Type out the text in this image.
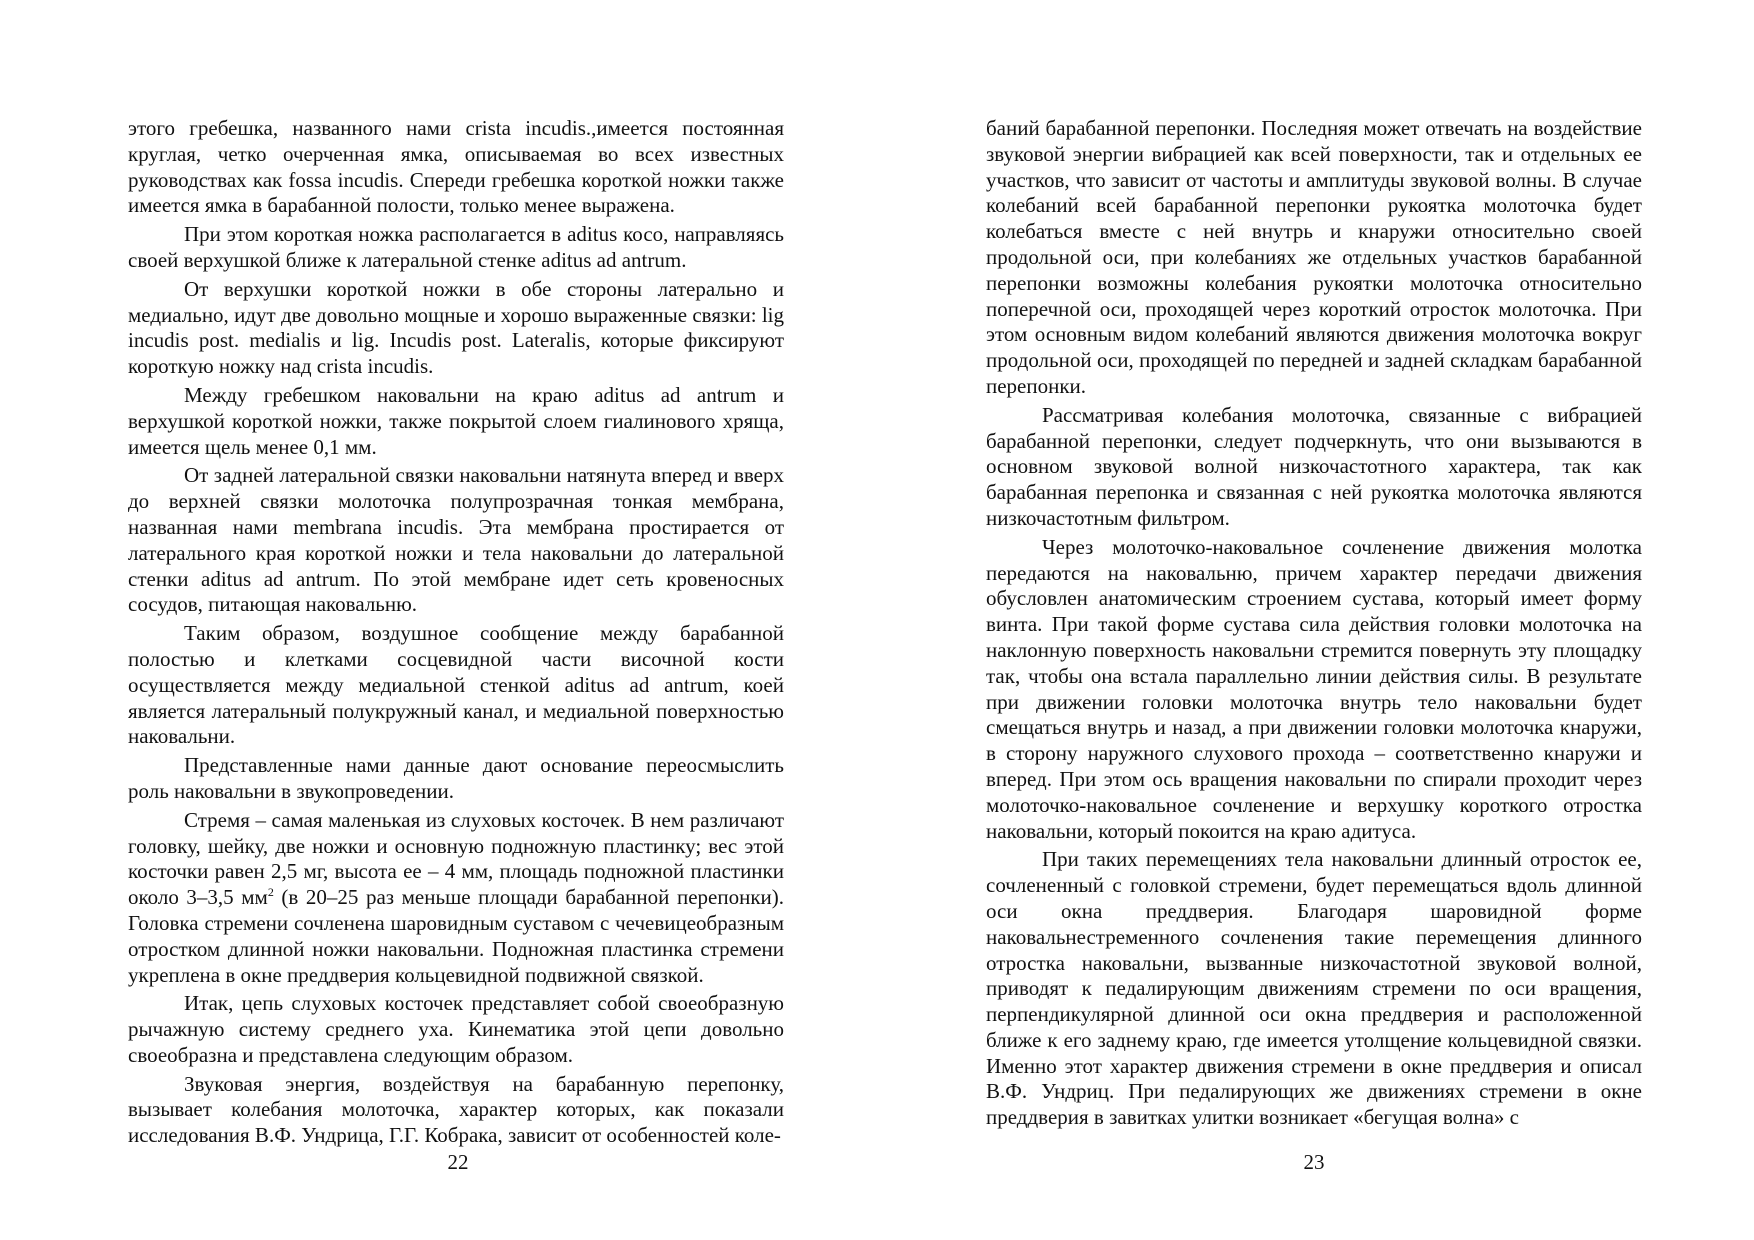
этого гребешка, названного нами crista incudis.,имеется постоянная круглая, четко очерченная ямка, описываемая во всех известных руководствах как fossa incudis. Спереди гребешка короткой ножки также имеется ямка в барабанной полости, только менее выражена.

При этом короткая ножка располагается в aditus косо, направляясь своей верхушкой ближе к латеральной стенке aditus ad antrum.

От верхушки короткой ножки в обе стороны латерально и медиально, идут две довольно мощные и хорошо выраженные связки: lig incudis post. medialis и lig. Incudis post. Lateralis, которые фиксируют короткую ножку над crista incudis.

Между гребешком наковальни на краю aditus ad antrum и верхушкой короткой ножки, также покрытой слоем гиалинового хряща, имеется щель менее 0,1 мм.

От задней латеральной связки наковальни натянута вперед и вверх до верхней связки молоточка полупрозрачная тонкая мембрана, названная нами membrana incudis. Эта мембрана простирается от латерального края короткой ножки и тела наковальни до латеральной стенки aditus ad antrum. По этой мембране идет сеть кровеносных сосудов, питающая наковальню.

Таким образом, воздушное сообщение между барабанной полостью и клетками сосцевидной части височной кости осуществляется между медиальной стенкой aditus ad antrum, коей является латеральный полукружный канал, и медиальной поверхностью наковальни.

Представленные нами данные дают основание переосмыслить роль наковальни в звукопроведении.

Стремя – самая маленькая из слуховых косточек. В нем различают головку, шейку, две ножки и основную подножную пластинку; вес этой косточки равен 2,5 мг, высота ее – 4 мм, площадь подножной пластинки около 3–3,5 $мм^2$ (в 20–25 раз меньше площади барабанной перепонки). Головка стремени сочленена шаровидным суставом с чечевицеобразным отростком длинной ножки наковальни. Подножная пластинка стремени укреплена в окне преддверия кольцевидной подвижной связкой.

Итак, цепь слуховых косточек представляет собой своеобразную рычажную систему среднего уха. Кинематика этой цепи довольно своеобразна и представлена следующим образом.

Звуковая энергия, воздействуя на барабанную перепонку, вызывает колебания молоточка, характер которых, как показали исследования В.Ф. Ундрица, Г.Г. Кобрака, зависит от особенностей коле-

22

баний барабанной перепонки. Последняя может отвечать на воздействие звуковой энергии вибрацией как всей поверхности, так и отдельных ее участков, что зависит от частоты и амплитуды звуковой волны. В случае колебаний всей барабанной перепонки рукоятка молоточка будет колебаться вместе с ней внутрь и кнаружи относительно своей продольной оси, при колебаниях же отдельных участков барабанной перепонки возможны колебания рукоятки молоточка относительно поперечной оси, проходящей через короткий отросток молоточка. При этом основным видом колебаний являются движения молоточка вокруг продольной оси, проходящей по передней и задней складкам барабанной перепонки.

Рассматривая колебания молоточка, связанные с вибрацией барабанной перепонки, следует подчеркнуть, что они вызываются в основном звуковой волной низкочастотного характера, так как барабанная перепонка и связанная с ней рукоятка молоточка являются низкочастотным фильтром.

Через молоточко-наковальное сочленение движения молотка передаются на наковальню, причем характер передачи движения обусловлен анатомическим строением сустава, который имеет форму винта. При такой форме сустава сила действия головки молоточка на наклонную поверхность наковальни стремится повернуть эту площадку так, чтобы она встала параллельно линии действия силы. В результате при движении головки молоточка внутрь тело наковальни будет смещаться внутрь и назад, а при движении головки молоточка кнаружи, в сторону наружного слухового прохода – соответственно кнаружи и вперед. При этом ось вращения наковальни по спирали проходит через молоточко-наковальное сочленение и верхушку короткого отростка наковальни, который покоится на краю адитуса.

При таких перемещениях тела наковальни длинный отросток ее, сочлененный с головкой стремени, будет перемещаться вдоль длинной оси окна преддверия. Благодаря шаровидной форме наковальнестременного сочленения такие перемещения длинного отростка наковальни, вызванные низкочастотной звуковой волной, приводят к педалирующим движениям стремени по оси вращения, перпендикулярной длинной оси окна преддверия и расположенной ближе к его заднему краю, где имеется утолщение кольцевидной связки. Именно этот характер движения стремени в окне преддверия и описал В.Ф. Ундриц. При педалирующих же движениях стремени в окне преддверия в завитках улитки возникает «бегущая волна» с

23
